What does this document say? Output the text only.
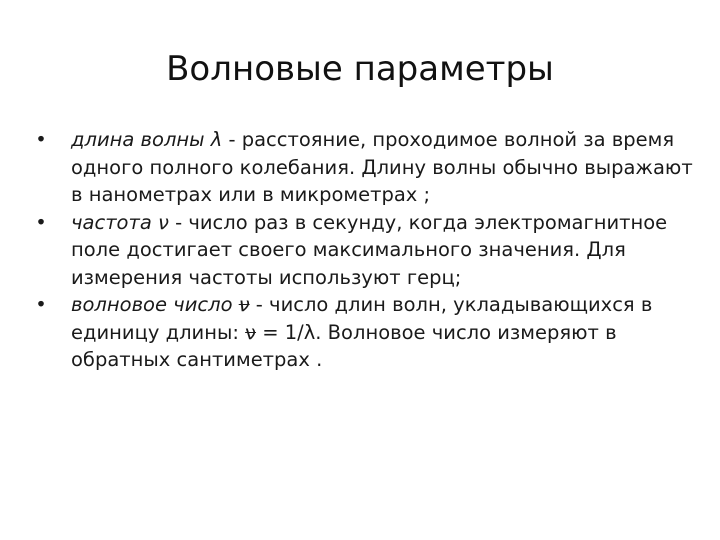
Волновые параметры
• длина волны λ - расстояние, проходимое волной за время одного полного колебания. Длину волны обычно выражают в нанометрах или в микрометрах ;
• частота ν - число раз в секунду, когда электромагнитное поле достигает своего максимального значения. Для измерения частоты используют герц;
• волновое число ν - число длин волн, укладывающихся в единицу длины: ν = 1/λ. Волновое число измеряют в обратных сантиметрах .
